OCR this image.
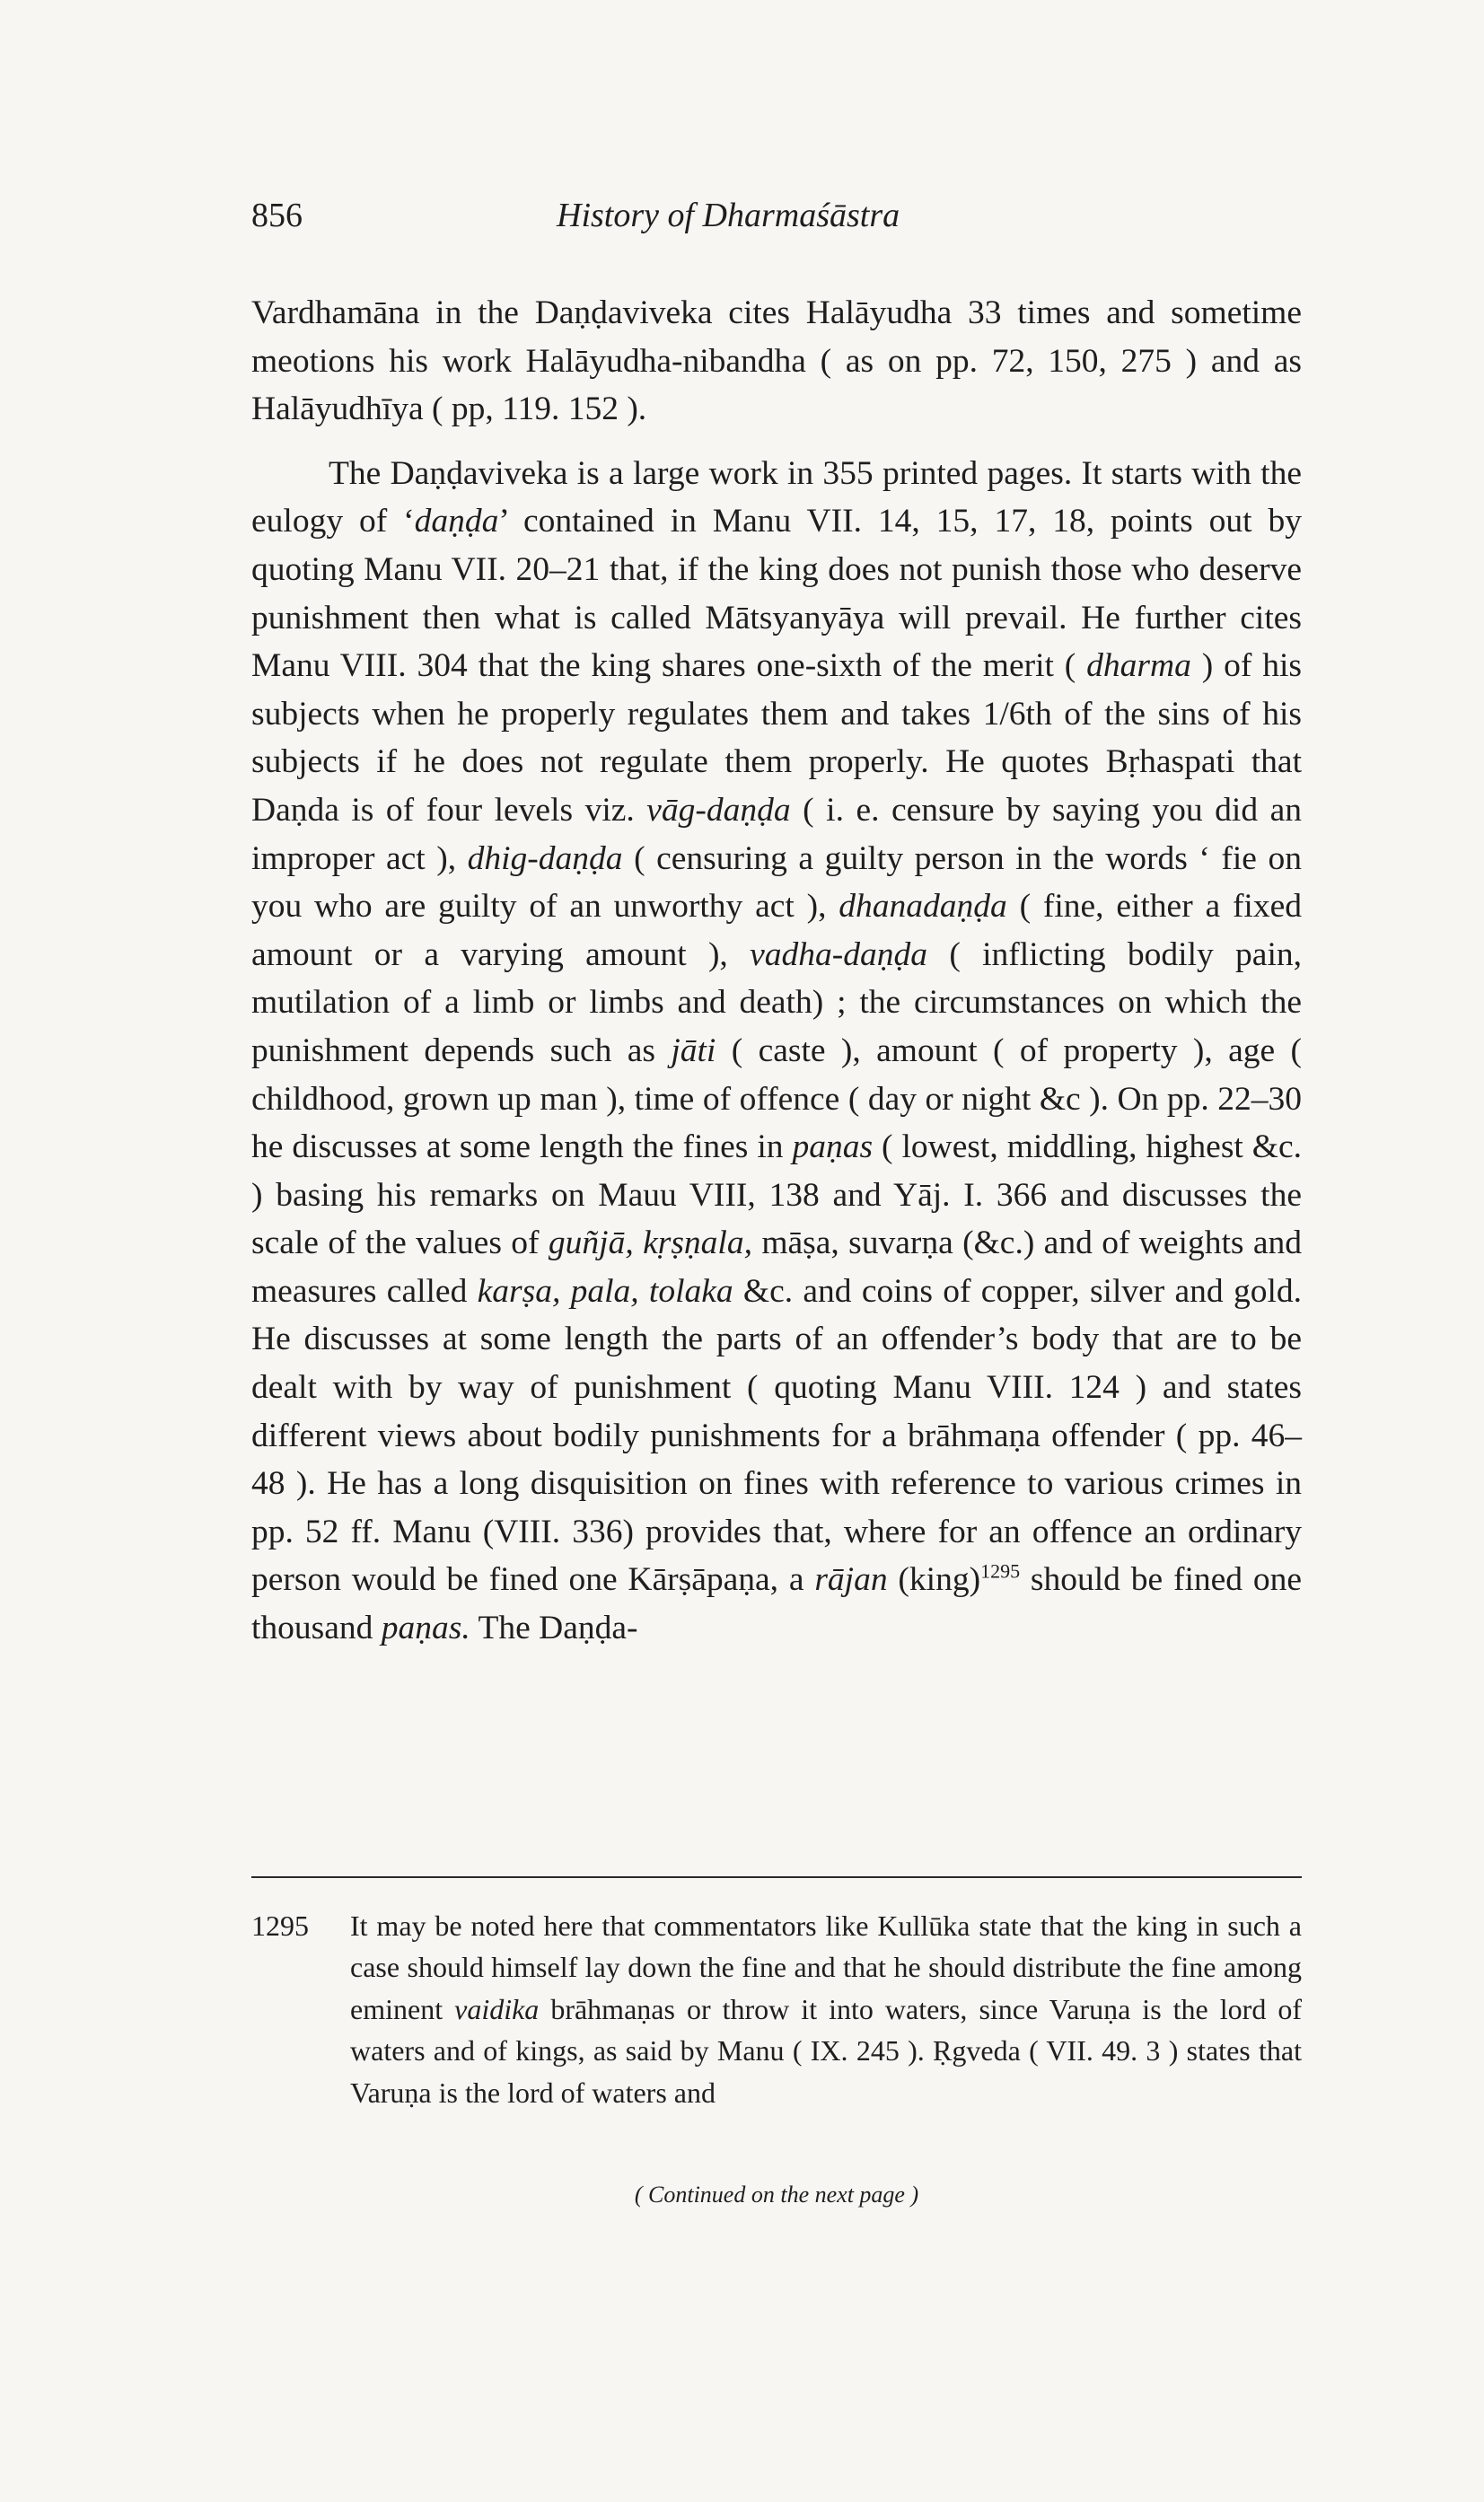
856	History of Dharmaśāstra

Vardhamāna in the Daṇḍaviveka cites Halāyudha 33 times and sometime meotions his work Halāyudha-nibandha ( as on pp. 72, 150, 275 ) and as Halāyudhīya ( pp, 119. 152 ).

The Daṇḍaviveka is a large work in 355 printed pages. It starts with the eulogy of ‘daṇḍa’ contained in Manu VII. 14, 15, 17, 18, points out by quoting Manu VII. 20–21 that, if the king does not punish those who deserve punishment then what is called Mātsyanyāya will prevail. He further cites Manu VIII. 304 that the king shares one-sixth of the merit ( dharma ) of his subjects when he properly regulates them and takes 1/6th of the sins of his subjects if he does not regulate them properly. He quotes Bṛhaspati that Daṇda is of four levels viz. vāg-daṇḍa ( i. e. censure by saying you did an improper act ), dhig-daṇḍa ( censuring a guilty person in the words ‘ fie on you who are guilty of an unworthy act ), dhanadaṇḍa ( fine, either a fixed amount or a varying amount ), vadha-daṇḍa ( inflicting bodily pain, mutilation of a limb or limbs and death) ; the circumstances on which the punishment depends such as jāti ( caste ), amount ( of property ), age ( childhood, grown up man ), time of offence ( day or night &c ). On pp. 22–30 he discusses at some length the fines in paṇas ( lowest, middling, highest &c. ) basing his remarks on Mauu VIII, 138 and Yāj. I. 366 and discusses the scale of the values of guñjā, kṛṣṇala, māṣa, suvarṇa (&c.) and of weights and measures called karṣa, pala, tolaka &c. and coins of copper, silver and gold. He discusses at some length the parts of an offender’s body that are to be dealt with by way of punishment ( quoting Manu VIII. 124 ) and states different views about bodily punishments for a brāhmaṇa offender ( pp. 46–48 ). He has a long disquisition on fines with reference to various crimes in pp. 52 ff. Manu (VIII. 336) provides that, where for an offence an ordinary person would be fined one Kārṣāpaṇa, a rājan (king)$^{1295}$ should be fined one thousand paṇas. The Daṇḍa-

1295 It may be noted here that commentators like Kullūka state that the king in such a case should himself lay down the fine and that he should distribute the fine among eminent vaidika brāhmaṇas or throw it into waters, since Varuṇa is the lord of waters and of kings, as said by Manu ( IX. 245 ). Ṛgveda ( VII. 49. 3 ) states that Varuṇa is the lord of waters and
( Continued on the next page )
